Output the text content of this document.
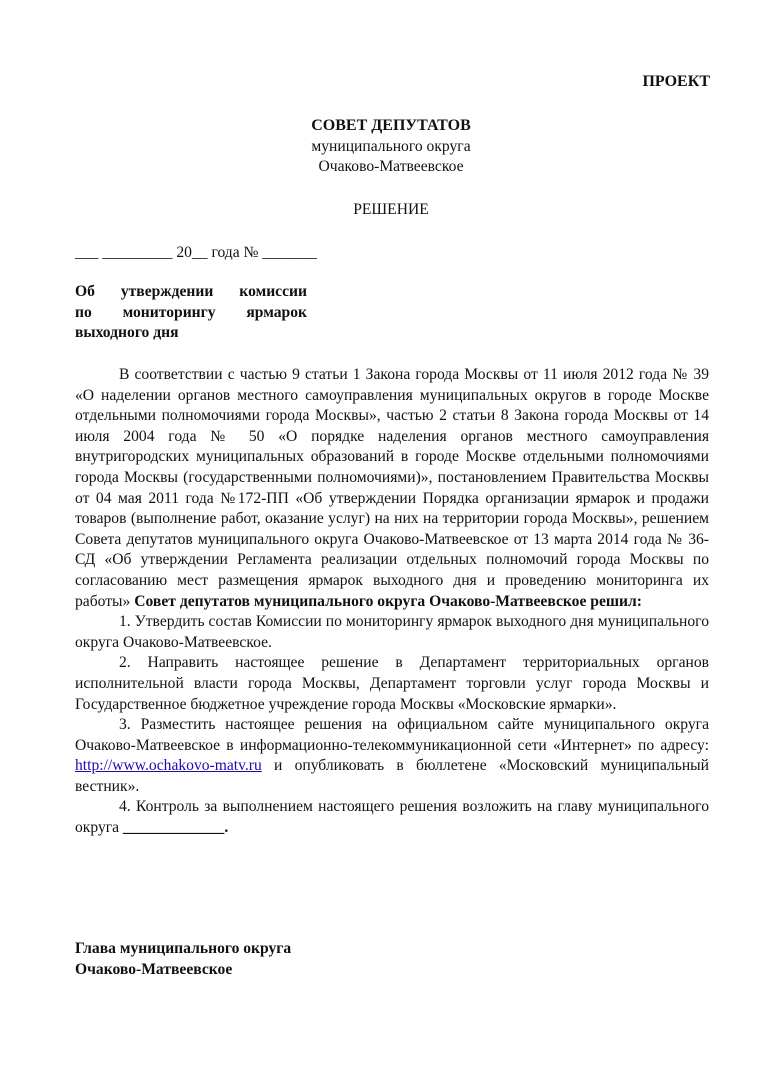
ПРОЕКТ
СОВЕТ ДЕПУТАТОВ
муниципального округа
Очаково-Матвеевское
РЕШЕНИЕ
___ _________ 20__ года № _______
Об утверждении комиссии
по мониторингу ярмарок
выходного дня

В соответствии с частью 9 статьи 1 Закона города Москвы от 11 июля 2012 года № 39 «О наделении органов местного самоуправления муниципальных округов в городе Москве отдельными полномочиями города Москвы», частью 2 статьи 8 Закона города Москвы от 14 июля 2004 года № 50 «О порядке наделения органов местного самоуправления внутригородских муниципальных образований в городе Москве отдельными полномочиями города Москвы (государственными полномочиями)», постановлением Правительства Москвы от 04 мая 2011 года №172-ПП «Об утверждении Порядка организации ярмарок и продажи товаров (выполнение работ, оказание услуг) на них на территории города Москвы», решением Совета депутатов муниципального округа Очаково-Матвеевское от 13 марта 2014 года № 36-СД «Об утверждении Регламента реализации отдельных полномочий города Москвы по согласованию мест размещения ярмарок выходного дня и проведению мониторинга их работы» Совет депутатов муниципального округа Очаково-Матвеевское решил:

1. Утвердить состав Комиссии по мониторингу ярмарок выходного дня муниципального округа Очаково-Матвеевское.

2. Направить настоящее решение в Департамент территориальных органов исполнительной власти города Москвы, Департамент торговли услуг города Москвы и Государственное бюджетное учреждение города Москвы «Московские ярмарки».

3. Разместить настоящее решения на официальном сайте муниципального округа Очаково-Матвеевское в информационно-телекоммуникационной сети «Интернет» по адресу: http://www.ochakovo-matv.ru и опубликовать в бюллетене «Московский муниципальный вестник».

4. Контроль за выполнением настоящего решения возложить на главу муниципального округа _____________.

Глава муниципального округа
Очаково-Матвеевское
